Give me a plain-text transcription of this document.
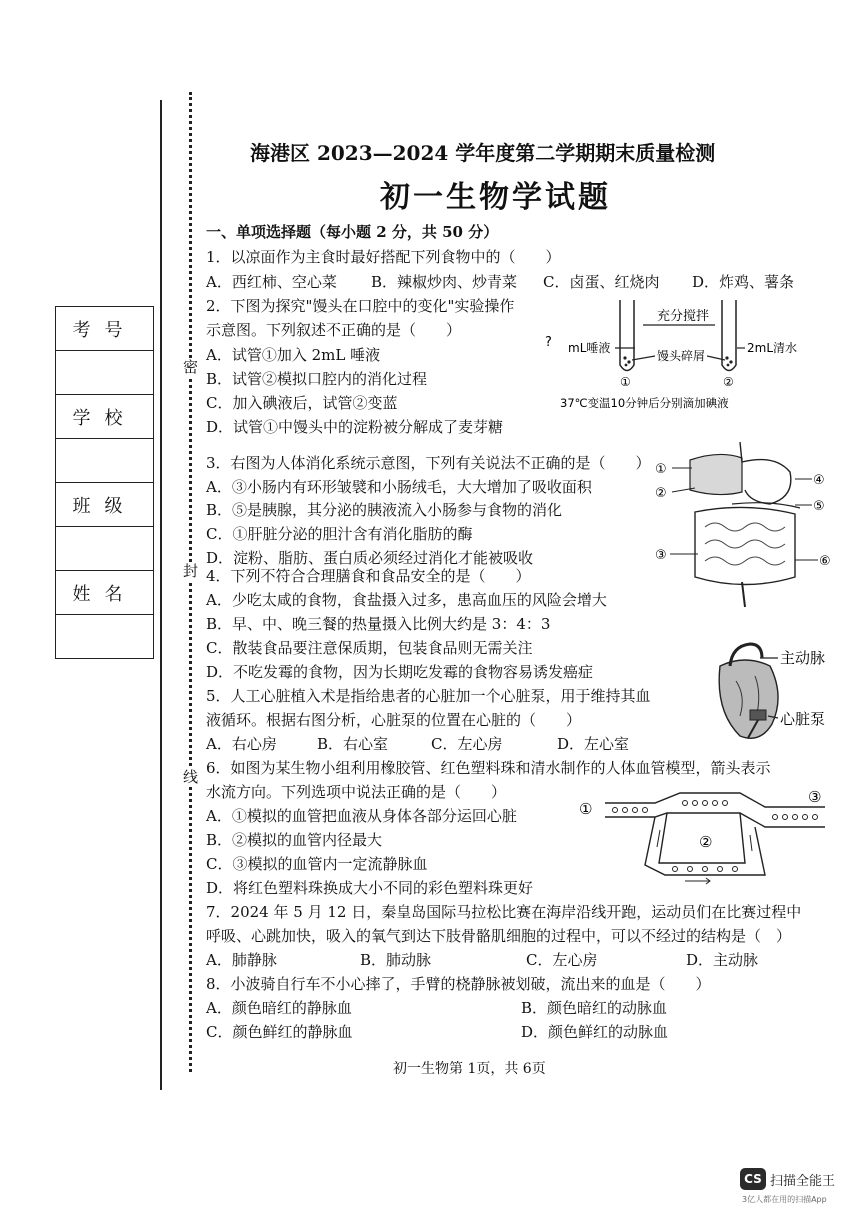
密
封
线
考号

学校

班级

姓名

海港区 2023—2024 学年度第二学期期末质量检测
初一生物学试题
一、单项选择题（每小题 2 分，共 50 分）
1．以凉面作为主食时最好搭配下列食物中的（　　）
A．西红柿、空心菜 B．辣椒炒肉、炒青菜 C．卤蛋、红烧肉 D．炸鸡、薯条
2．下图为探究"馒头在口腔中的变化"实验操作
示意图。下列叙述不正确的是（　　）
A．试管①加入 2mL 唾液
B．试管②模拟口腔内的消化过程
C．加入碘液后，试管②变蓝
D．试管①中馒头中的淀粉被分解成了麦芽糖
充分搅拌
? mL唾液	2mL清水
馒头碎屑
①	②
37℃变温10分钟后分别滴加碘液
3．右图为人体消化系统示意图，下列有关说法不正确的是（　　）
A．③小肠内有环形皱襞和小肠绒毛，大大增加了吸收面积
B．⑤是胰腺，其分泌的胰液流入小肠参与食物的消化
C．①肝脏分泌的胆汁含有消化脂肪的酶
D．淀粉、脂肪、蛋白质必须经过消化才能被吸收
①
②
③
④
⑤
⑥
4．下列不符合合理膳食和食品安全的是（　　）
A．少吃太咸的食物，食盐摄入过多，患高血压的风险会增大
B．早、中、晚三餐的热量摄入比例大约是 3：4：3
C．散装食品要注意保质期，包装食品则无需关注
D．不吃发霉的食物，因为长期吃发霉的食物容易诱发癌症
5．人工心脏植入术是指给患者的心脏加一个心脏泵，用于维持其血
液循环。根据右图分析，心脏泵的位置在心脏的（　　）
A．右心房	B．右心室	C．左心房	D．左心室
主动脉
心脏泵
6．如图为某生物小组利用橡胶管、红色塑料珠和清水制作的人体血管模型，箭头表示
水流方向。下列选项中说法正确的是（　　）
A．①模拟的血管把血液从身体各部分运回心脏
B．②模拟的血管内径最大
C．③模拟的血管内一定流静脉血
D．将红色塑料珠换成大小不同的彩色塑料珠更好
①
②
③
7．2024 年 5 月 12 日，秦皇岛国际马拉松比赛在海岸沿线开跑，运动员们在比赛过程中
呼吸、心跳加快，吸入的氧气到达下肢骨骼肌细胞的过程中，可以不经过的结构是（　）
A．肺静脉	B．肺动脉	C．左心房	D．主动脉
8．小波骑自行车不小心摔了，手臂的桡静脉被划破，流出来的血是（　　）
A．颜色暗红的静脉血	B．颜色暗红的动脉血
C．颜色鲜红的静脉血	D．颜色鲜红的动脉血
初一生物第 1页，共 6页
CS 扫描全能王
3亿人都在用的扫描App
